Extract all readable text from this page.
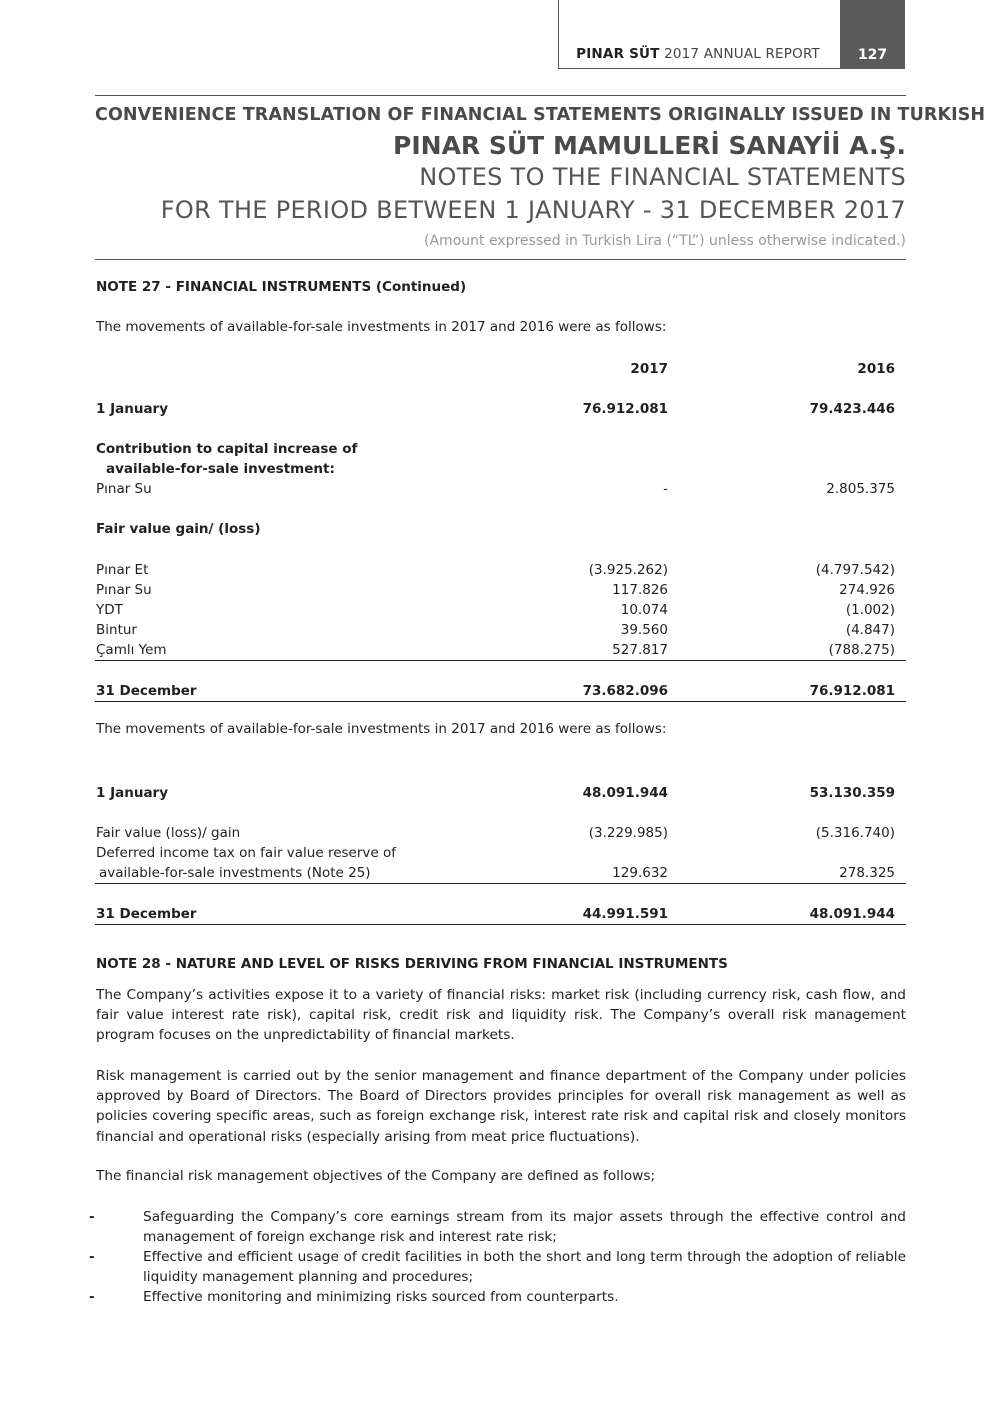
PINAR SÜT 2017 ANNUAL REPORT	127
CONVENIENCE TRANSLATION OF FINANCIAL STATEMENTS ORIGINALLY ISSUED IN TURKISH
PINAR SÜT MAMULLERİ SANAYİİ A.Ş.
NOTES TO THE FINANCIAL STATEMENTS
FOR THE PERIOD BETWEEN 1 JANUARY - 31 DECEMBER 2017
(Amount expressed in Turkish Lira (“TL”) unless otherwise indicated.)
NOTE 27 - FINANCIAL INSTRUMENTS (Continued)
The movements of available-for-sale investments in 2017 and 2016 were as follows:
2017	2016
1 January	76.912.081	79.423.446
Contribution to capital increase of
available-for-sale investment:
Pınar Su	-	2.805.375
Fair value gain/ (loss)
Pınar Et	(3.925.262)	(4.797.542)
Pınar Su	117.826	274.926
YDT	10.074	(1.002)
Bintur	39.560	(4.847)
Çamlı Yem	527.817	(788.275)
31 December	73.682.096	76.912.081
The movements of available-for-sale investments in 2017 and 2016 were as follows:
1 January	48.091.944	53.130.359
Fair value (loss)/ gain	(3.229.985)	(5.316.740)
Deferred income tax on fair value reserve of
available-for-sale investments (Note 25)	129.632	278.325
31 December	44.991.591	48.091.944
NOTE 28 - NATURE AND LEVEL OF RISKS DERIVING FROM FINANCIAL INSTRUMENTS
The Company’s activities expose it to a variety of financial risks: market risk (including currency risk, cash flow, and fair value interest rate risk), capital risk, credit risk and liquidity risk. The Company’s overall risk management program focuses on the unpredictability of financial markets.
Risk management is carried out by the senior management and finance department of the Company under policies approved by Board of Directors. The Board of Directors provides principles for overall risk management as well as policies covering specific areas, such as foreign exchange risk, interest rate risk and capital risk and closely monitors financial and operational risks (especially arising from meat price fluctuations).
The financial risk management objectives of the Company are defined as follows;
-	Safeguarding the Company’s core earnings stream from its major assets through the effective control and management of foreign exchange risk and interest rate risk;
-	Effective and efficient usage of credit facilities in both the short and long term through the adoption of reliable liquidity management planning and procedures;
-	Effective monitoring and minimizing risks sourced from counterparts.
